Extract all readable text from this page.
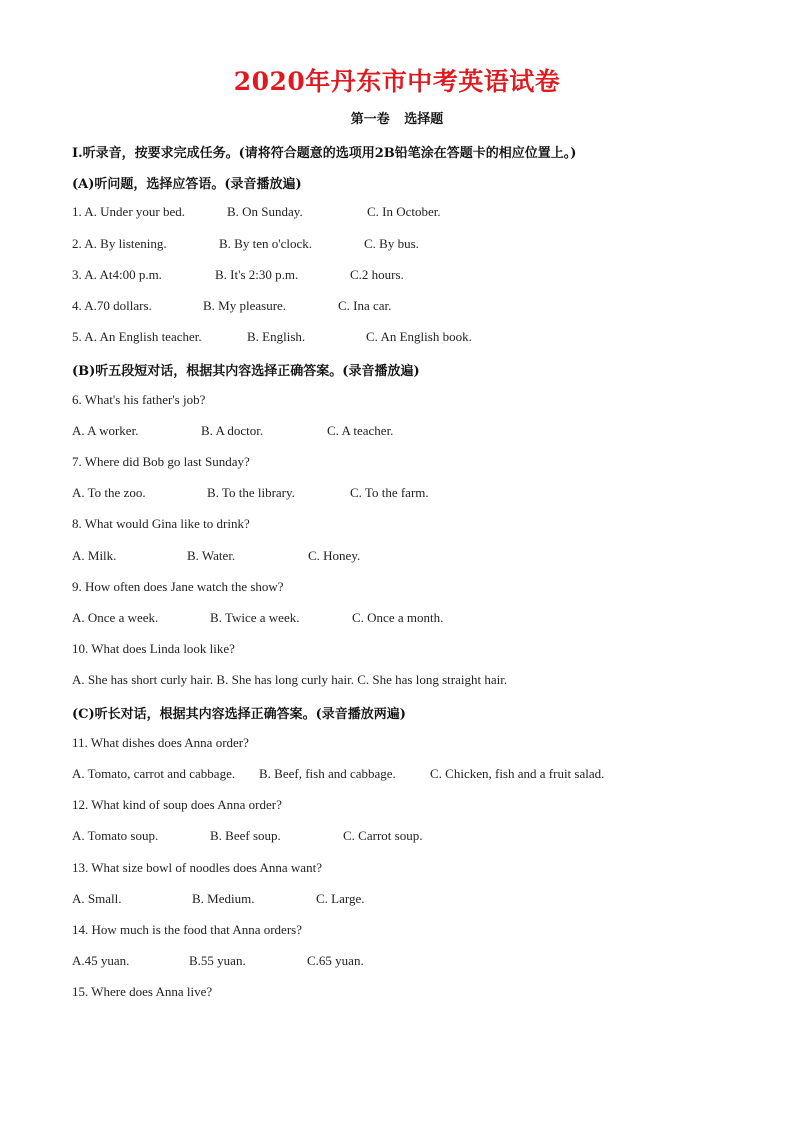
2020年丹东市中考英语试卷
第一卷 选择题
Ⅰ.听录音，按要求完成任务。(请将符合题意的选项用2B铅笔涂在答题卡的相应位置上。)
(A)听问题，选择应答语。(录音播放遍)
1. A. Under your bed.	B. On Sunday.	C. In October.
2. A. By listening.	B. By ten o'clock.	C. By bus.
3. A. At4:00 p.m.	B. It's 2:30 p.m.	C.2 hours.
4. A.70 dollars.	B. My pleasure.	C. Ina car.
5. A. An English teacher.	B. English.	C. An English book.
(B)听五段短对话，根据其内容选择正确答案。(录音播放遍)
6. What's his father's job?
A. A worker.	B. A doctor.	C. A teacher.
7. Where did Bob go last Sunday?
A. To the zoo.	B. To the library.	C. To the farm.
8. What would Gina like to drink?
A. Milk.	B. Water.	C. Honey.
9. How often does Jane watch the show?
A. Once a week.	B. Twice a week.	C. Once a month.
10. What does Linda look like?
A. She has short curly hair. B. She has long curly hair. C. She has long straight hair.
(C)听长对话，根据其内容选择正确答案。(录音播放两遍)
11. What dishes does Anna order?
A. Tomato, carrot and cabbage. B. Beef, fish and cabbage.	C. Chicken, fish and a fruit salad.
12. What kind of soup does Anna order?
A. Tomato soup.	B. Beef soup.	C. Carrot soup.
13. What size bowl of noodles does Anna want?
A. Small.	B. Medium.	C. Large.
14. How much is the food that Anna orders?
A.45 yuan.	B.55 yuan.	C.65 yuan.
15. Where does Anna live?
